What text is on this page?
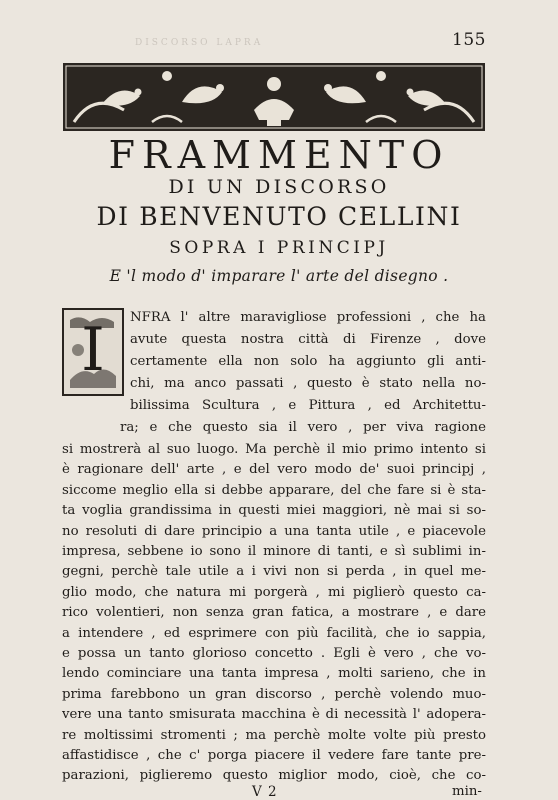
155
DISCORSO LAPRA
FRAMMENTO
DI UN DISCORSO
DI BENVENUTO CELLINI
SOPRA I PRINCIPJ
E 'l modo d' imparare l' arte del disegno .
I NFRA l' altre maravigliose professioni , che ha
avute questa nostra città di Firenze , dove
certamente ella non solo ha aggiunto gli anti-
chi, ma anco passati , questo è stato nella no-
bilissima Scultura , e Pittura , ed Architettu-
ra; e che questo sia il vero , per viva ragione
si mostrerà al suo luogo. Ma perchè il mio primo intento si
è ragionare dell' arte , e del vero modo de' suoi principj ,
siccome meglio ella si debbe apparare, del che fare si è sta-
ta voglia grandissima in questi miei maggiori, nè mai si so-
no resoluti di dare principio a una tanta utile , e piacevole
impresa, sebbene io sono il minore di tanti, e sì sublimi in-
gegni, perchè tale utile a i vivi non si perda , in quel me-
glio modo, che natura mi porgerà , mi piglierò questo ca-
rico volentieri, non senza gran fatica, a mostrare , e dare
a intendere , ed esprimere con più facilità, che io sappia,
e possa un tanto glorioso concetto . Egli è vero , che vo-
lendo cominciare una tanta impresa , molti sarieno, che in
prima farebbono un gran discorso , perchè volendo muo-
vere una tanto smisurata macchina è di necessità l' adopera-
re moltissimi stromenti ; ma perchè molte volte più presto
affastidisce , che c' porga piacere il vedere fare tante pre-
parazioni, piglieremo questo miglior modo, cioè, che co-
V 2	min-
